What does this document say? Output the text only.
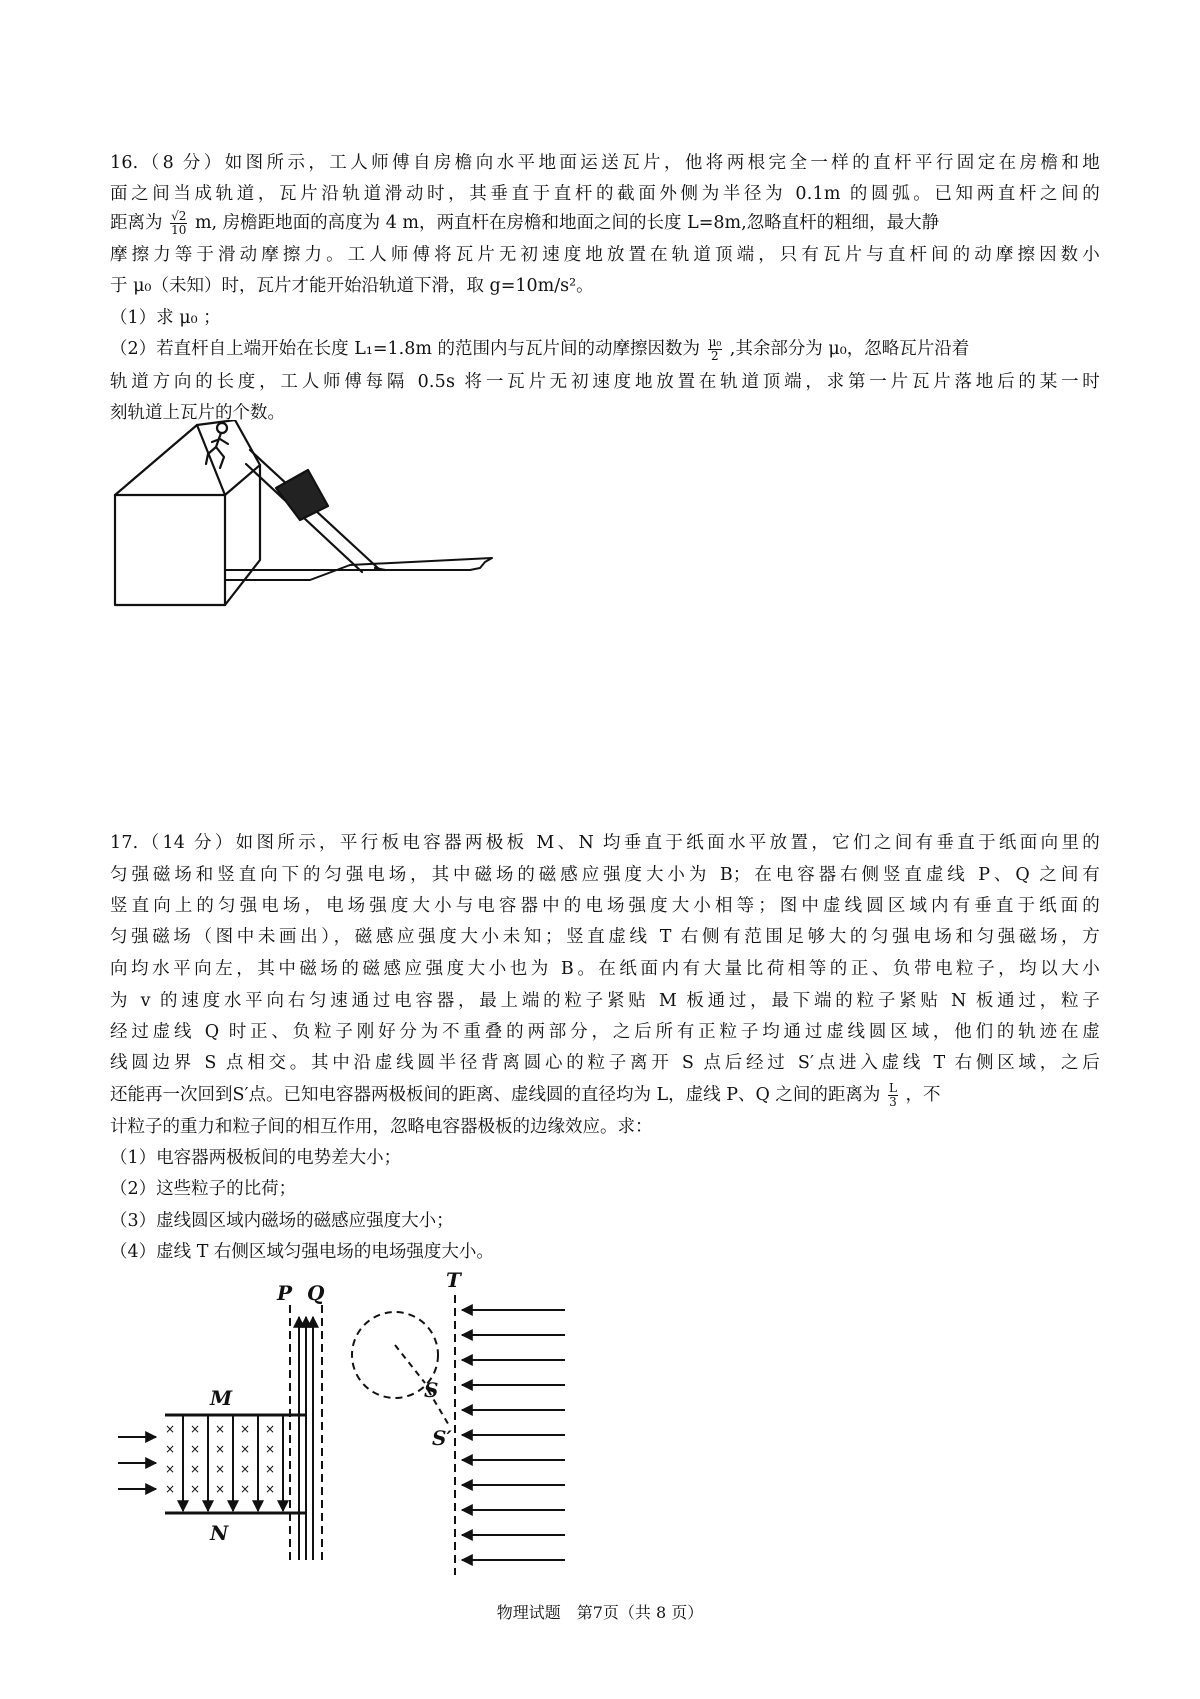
16.（8 分）如图所示，工人师傅自房檐向水平地面运送瓦片，他将两根完全一样的直杆平行固定在房檐和地
面之间当成轨道，瓦片沿轨道滑动时，其垂直于直杆的截面外侧为半径为 0.1m 的圆弧。已知两直杆之间的
距离为 $\frac{√2}{10} m$, 房檐距地面的高度为 4 m，两直杆在房檐和地面之间的长度 L=8m,忽略直杆的粗细，最大静
摩擦力等于滑动摩擦力。工人师傅将瓦片无初速度地放置在轨道顶端，只有瓦片与直杆间的动摩擦因数小
于 μ₀（未知）时，瓦片才能开始沿轨道下滑，取 g=10m/s²。
（1）求 μ₀ ；
（2）若直杆自上端开始在长度 L₁=1.8m 的范围内与瓦片间的动摩擦因数为 $\frac{\text{μ₀}}{2}$ ,其余部分为 μ₀，忽略瓦片沿着
轨道方向的长度，工人师傅每隔 0.5s 将一瓦片无初速度地放置在轨道顶端，求第一片瓦片落地后的某一时
刻轨道上瓦片的个数。
17.（14 分）如图所示，平行板电容器两极板 M、N 均垂直于纸面水平放置，它们之间有垂直于纸面向里的
匀强磁场和竖直向下的匀强电场，其中磁场的磁感应强度大小为 B；在电容器右侧竖直虚线 P、Q 之间有
竖直向上的匀强电场，电场强度大小与电容器中的电场强度大小相等；图中虚线圆区域内有垂直于纸面的
匀强磁场（图中未画出），磁感应强度大小未知；竖直虚线 T 右侧有范围足够大的匀强电场和匀强磁场，方
向均水平向左，其中磁场的磁感应强度大小也为 B。在纸面内有大量比荷相等的正、负带电粒子，均以大小
为 v 的速度水平向右匀速通过电容器，最上端的粒子紧贴 M 板通过，最下端的粒子紧贴 N 板通过，粒子
经过虚线 Q 时正、负粒子刚好分为不重叠的两部分，之后所有正粒子均通过虚线圆区域，他们的轨迹在虚
线圆边界 S 点相交。其中沿虚线圆半径背离圆心的粒子离开 S 点后经过 S′点进入虚线 T 右侧区域，之后
还能再一次回到S′点。已知电容器两极板间的距离、虚线圆的直径均为 L，虚线 P、Q 之间的距离为 $\frac{L}{3}$ ，不
计粒子的重力和粒子间的相互作用，忽略电容器极板的边缘效应。求：
（1）电容器两极板间的电势差大小；
（2）这些粒子的比荷；
（3）虚线圆区域内磁场的磁感应强度大小；
（4）虚线 T 右侧区域匀强电场的电场强度大小。
× × × × ×
× × × × ×
× × × × ×
× × × × ×
M
N
P Q
T
S
S′
物理试题　第7页（共 8 页）
